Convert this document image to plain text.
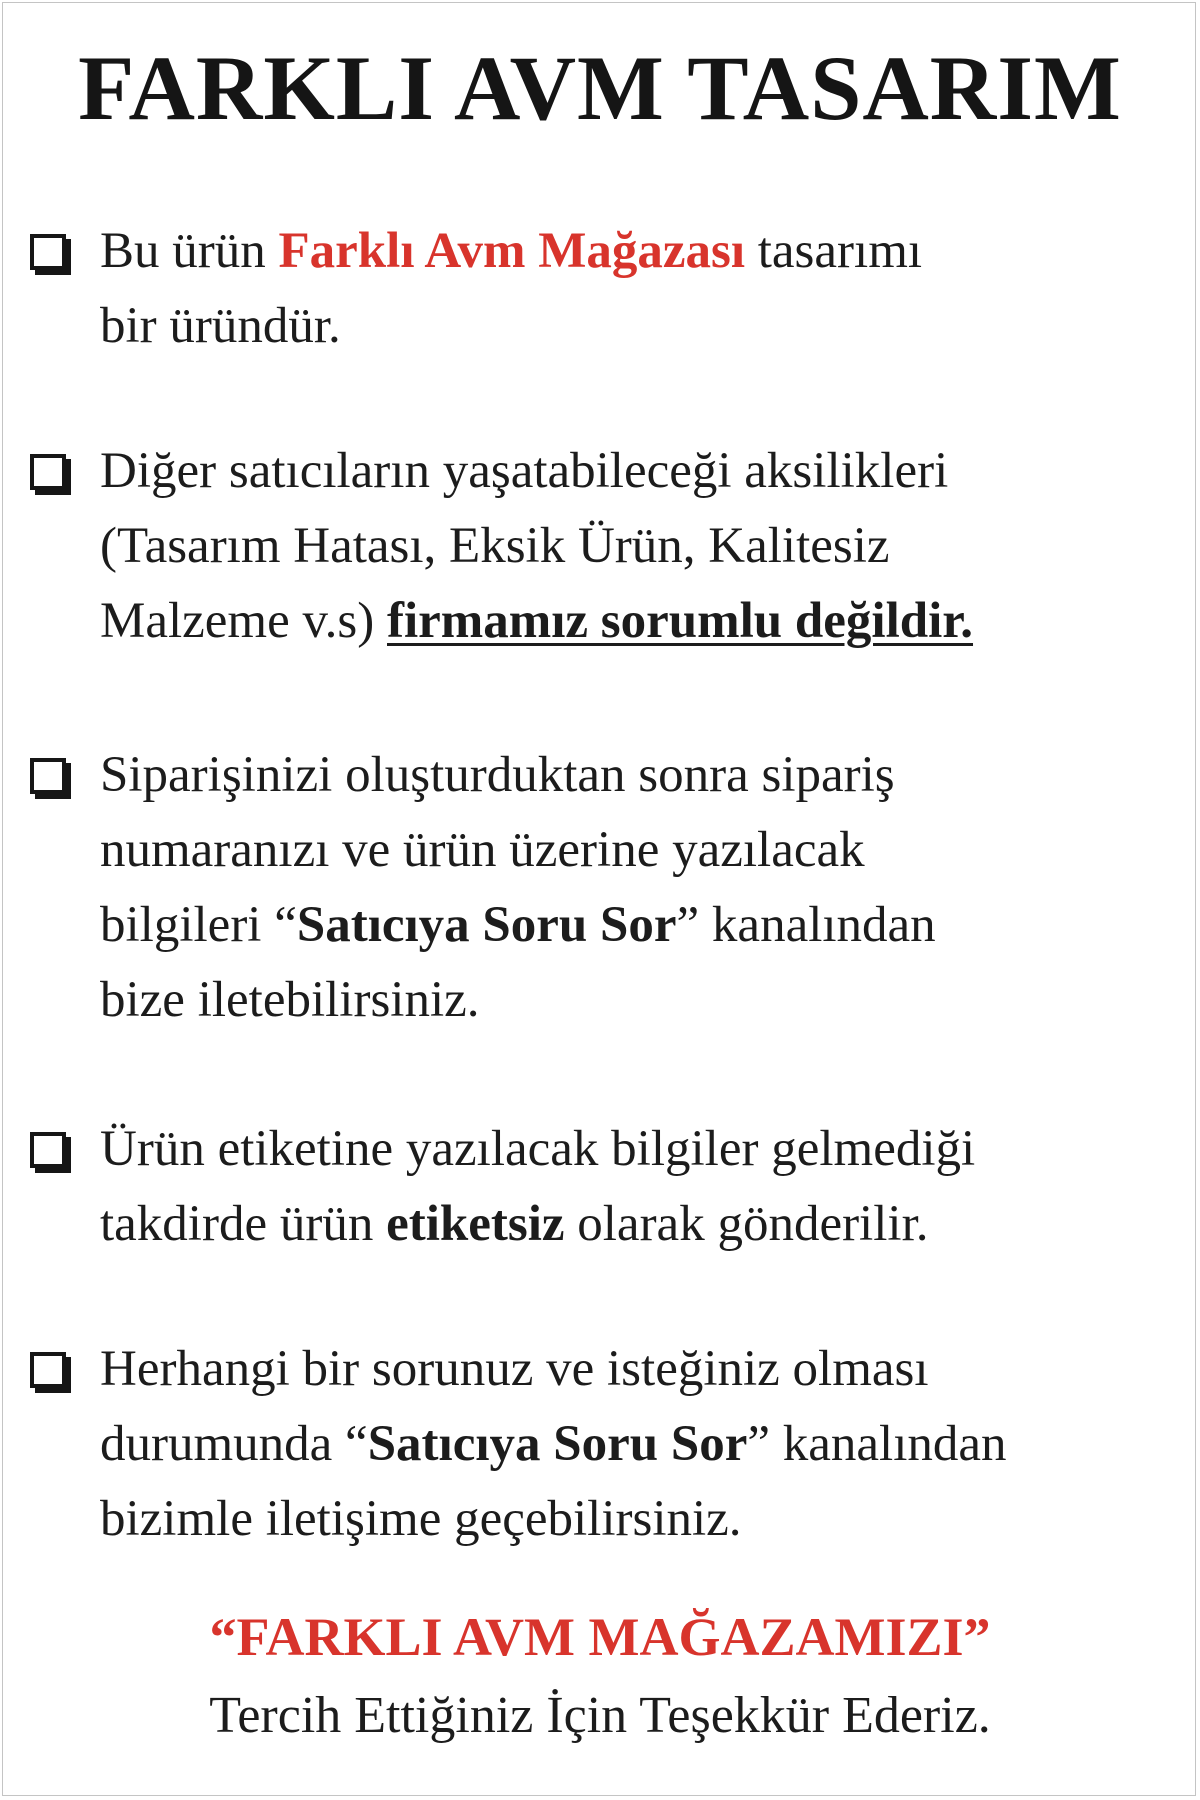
FARKLI AVM TASARIM
Bu ürün Farklı Avm Mağazası tasarımı
bir üründür.
Diğer satıcıların yaşatabileceği aksilikleri
(Tasarım Hatası, Eksik Ürün, Kalitesiz
Malzeme v.s) firmamız sorumlu değildir.
Siparişinizi oluşturduktan sonra sipariş
numaranızı ve ürün üzerine yazılacak
bilgileri “Satıcıya Soru Sor” kanalından
bize iletebilirsiniz.
Ürün etiketine yazılacak bilgiler gelmediği
takdirde ürün etiketsiz olarak gönderilir.
Herhangi bir sorunuz ve isteğiniz olması
durumunda “Satıcıya Soru Sor” kanalından
bizimle iletişime geçebilirsiniz.
“FARKLI AVM MAĞAZAMIZI”
Tercih Ettiğiniz İçin Teşekkür Ederiz.
